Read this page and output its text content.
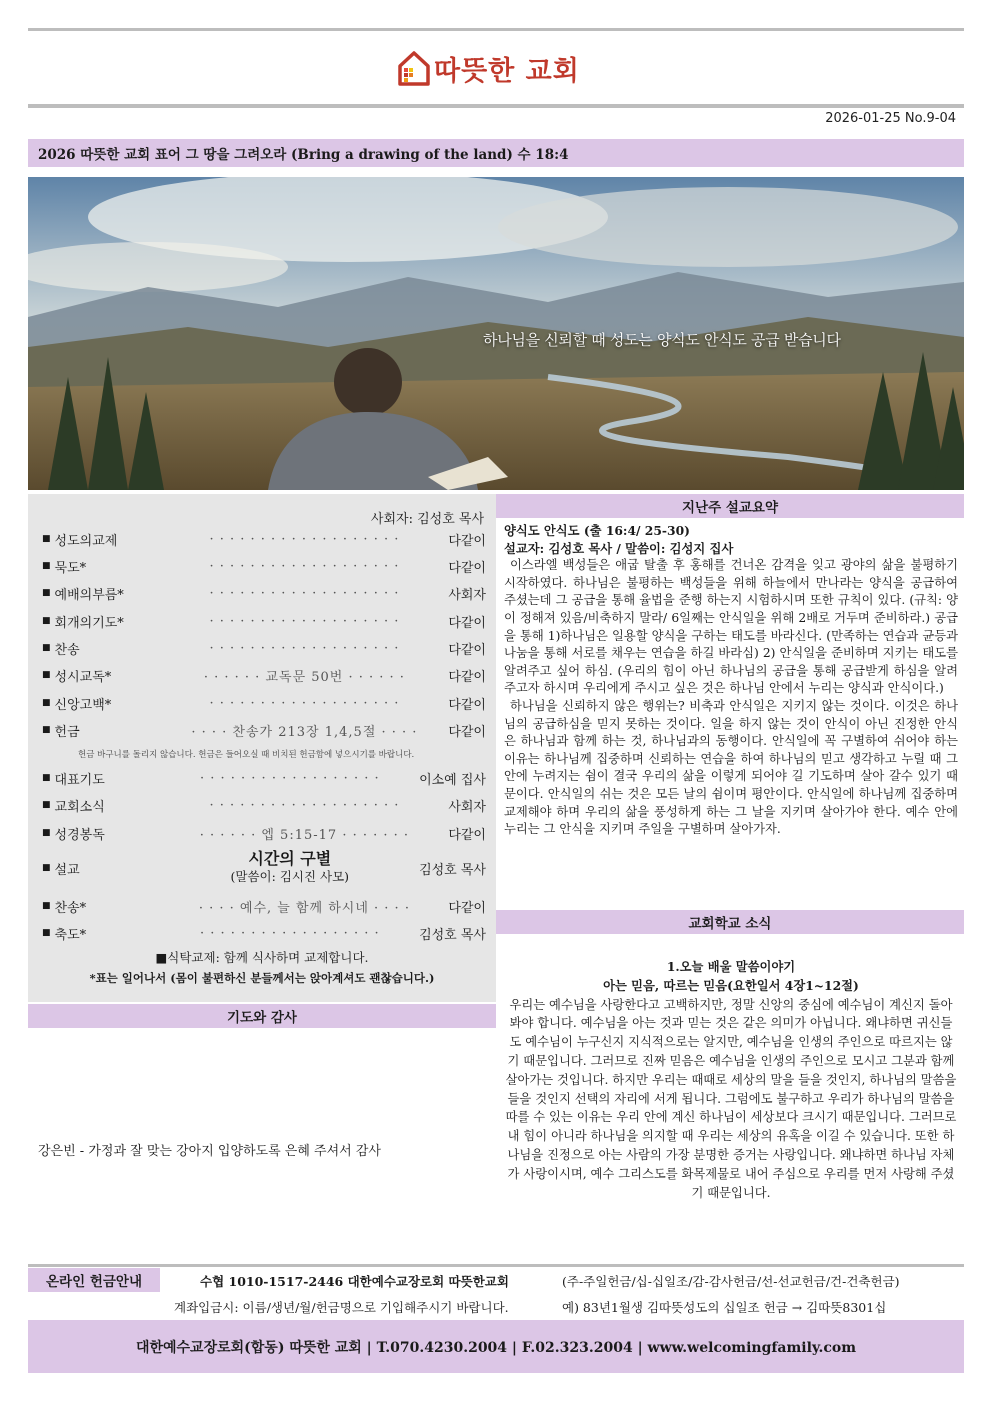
따뜻한 교회
2026-01-25 No.9-04
2026 따뜻한 교회 표어 그 땅을 그려오라 (Bring a drawing of the land) 수 18:4
하나님을 신뢰할 때 성도는 양식도 안식도 공급 받습니다
사회자: 김성호 목사
■ 성도의교제	· · · · · · · · · · · · · · · · · · ·	다같이
■ 묵도*	· · · · · · · · · · · · · · · · · · ·	다같이
■ 예배의부름*	· · · · · · · · · · · · · · · · · · ·	사회자
■ 회개의기도*	· · · · · · · · · · · · · · · · · · ·	다같이
■ 찬송	· · · · · · · · · · · · · · · · · · ·	다같이
■ 성시교독*	· · · · · · 교독문 50번 · · · · · ·	다같이
■ 신앙고백*	· · · · · · · · · · · · · · · · · · ·	다같이
■ 헌금	· · · · 찬송가 213장 1,4,5절 · · · ·	다같이
헌금 바구니를 돌리지 않습니다. 헌금은 들어오실 때 비치된 헌금함에 넣으시기를 바랍니다.
■ 대표기도	· · · · · · · · · · · · · · · · · ·	이소예 집사
■ 교회소식	· · · · · · · · · · · · · · · · · · ·	사회자
■ 성경봉독	· · · · · · 엡 5:15-17 · · · · · · ·	다같이
■ 설교
시간의 구별
(말씀이: 김시진 사모)	김성호 목사
■ 찬송*	· · · · 예수, 늘 함께 하시네 · · · ·	다같이
■ 축도*	· · · · · · · · · · · · · · · · · ·	김성호 목사
■식탁교제: 함께 식사하며 교제합니다.
*표는 일어나서 (몸이 불편하신 분들께서는 앉아계셔도 괜찮습니다.)
기도와 감사
강은빈 - 가정과 잘 맞는 강아지 입양하도록 은혜 주셔서 감사
지난주 설교요약
양식도 안식도 (출 16:4/ 25-30)
설교자: 김성호 목사 / 말씀이: 김성지 집사

이스라엘 백성들은 애굽 탈출 후 홍해를 건너온 감격을 잊고 광야의 삶을 불평하기 시작하였다. 하나님은 불평하는 백성들을 위해 하늘에서 만나라는 양식을 공급하여 주셨는데 그 공급을 통해 율법을 준행 하는지 시험하시며 또한 규칙이 있다. (규칙: 양이 정해져 있음/비축하지 말라/ 6일째는 안식일을 위해 2배로 거두며 준비하라.) 공급을 통해 1)하나님은 일용할 양식을 구하는 태도를 바라신다. (만족하는 연습과 균등과 나눔을 통해 서로를 채우는 연습을 하길 바라심) 2) 안식일을 준비하며 지키는 태도를 알려주고 싶어 하심. (우리의 힘이 아닌 하나님의 공급을 통해 공급받게 하심을 알려주고자 하시며 우리에게 주시고 싶은 것은 하나님 안에서 누리는 양식과 안식이다.)

하나님을 신뢰하지 않은 행위는? 비축과 안식일은 지키지 않는 것이다. 이것은 하나님의 공급하심을 믿지 못하는 것이다. 일을 하지 않는 것이 안식이 아닌 진정한 안식은 하나님과 함께 하는 것, 하나님과의 동행이다. 안식일에 꼭 구별하여 쉬어야 하는 이유는 하나님께 집중하며 신뢰하는 연습을 하여 하나님의 믿고 생각하고 누릴 때 그 안에 누려지는 쉼이 결국 우리의 삶을 이렇게 되어야 길 기도하며 살아 갈수 있기 때문이다. 안식일의 쉬는 것은 모든 날의 쉼이며 평안이다. 안식일에 하나님께 집중하며 교제해야 하며 우리의 삶을 풍성하게 하는 그 날을 지키며 살아가야 한다. 예수 안에 누리는 그 안식을 지키며 주일을 구별하며 살아가자.

교회학교 소식
1.오늘 배울 말씀이야기
아는 믿음, 따르는 믿음(요한일서 4장1~12절)
우리는 예수님을 사랑한다고 고백하지만, 정말 신앙의 중심에 예수님이 계신지 돌아봐야 합니다. 예수님을 아는 것과 믿는 것은 같은 의미가 아닙니다. 왜냐하면 귀신들도 예수님이 누구신지 지식적으로는 알지만, 예수님을 인생의 주인으로 따르지는 않기 때문입니다. 그러므로 진짜 믿음은 예수님을 인생의 주인으로 모시고 그분과 함께 살아가는 것입니다. 하지만 우리는 때때로 세상의 말을 들을 것인지, 하나님의 말씀을 들을 것인지 선택의 자리에 서게 됩니다. 그럼에도 불구하고 우리가 하나님의 말씀을 따를 수 있는 이유는 우리 안에 계신 하나님이 세상보다 크시기 때문입니다. 그러므로 내 힘이 아니라 하나님을 의지할 때 우리는 세상의 유혹을 이길 수 있습니다. 또한 하나님을 진정으로 아는 사람의 가장 분명한 증거는 사랑입니다. 왜냐하면 하나님 자체가 사랑이시며, 예수 그리스도를 화목제물로 내어 주심으로 우리를 먼저 사랑해 주셨기 때문입니다.
온라인 헌금안내	수협 1010-1517-2446 대한예수교장로회 따뜻한교회	(주-주일헌금/십-십일조/감-감사헌금/선-선교헌금/건-건축헌금)
계좌입금시: 이름/생년/월/헌금명으로 기입해주시기 바랍니다.	예) 83년1월생 김따뜻성도의 십일조 헌금 → 김따뜻8301십
대한예수교장로회(합동) 따뜻한 교회 | T.070.4230.2004 | F.02.323.2004 | www.welcomingfamily.com
